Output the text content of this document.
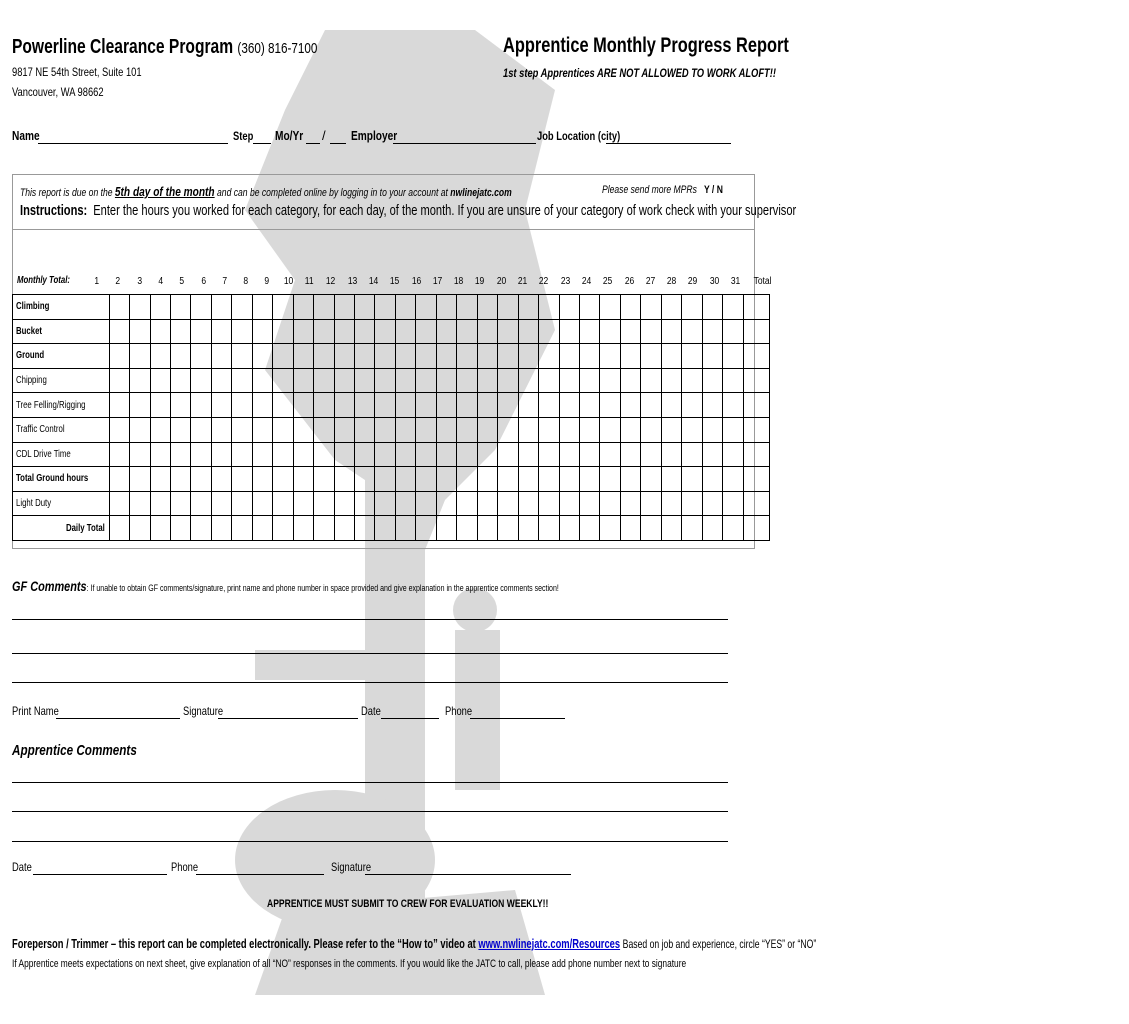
Powerline Clearance Program (360) 816-7100
9817 NE 54th Street, Suite 101
Vancouver, WA 98662
Apprentice Monthly Progress Report
1st step Apprentices ARE NOT ALLOWED TO WORK ALOFT!!
Name	Step	Mo/Yr	/ Employer	Job Location (city)
This report is due on the 5th day of the month and can be completed online by logging in to your account at nwlinejatc.com	Please send more MPRs Y / N
Instructions: Enter the hours you worked for each category, for each day, of the month. If you are unsure of your category of work check with your supervisor
Monthly Total:	1 2 3 4 5 6 7 8 9 10 11 12 13 14 15 16 17 18 19 20 21 22 23 24 25 26 27 28 29 30 31 Total
Climbing																																
Bucket																																
Ground																																
Chipping																																
Tree Felling/Rigging																																
Traffic Control																																
CDL Drive Time																																
Total Ground hours																																
Light Duty																																
Daily Total																																
GF Comments: If unable to obtain GF comments/signature, print name and phone number in space provided and give explanation in the apprentice comments section!
Print Name	Signature	Date	Phone
Apprentice Comments
Date	Phone	Signature
APPRENTICE MUST SUBMIT TO CREW FOR EVALUATION WEEKLY!!
Foreperson / Trimmer – this report can be completed electronically. Please refer to the “How to” video at www.nwlinejatc.com/Resources Based on job and experience, circle “YES” or “NO”
If Apprentice meets expectations on next sheet, give explanation of all “NO” responses in the comments. If you would like the JATC to call, please add phone number next to signature
